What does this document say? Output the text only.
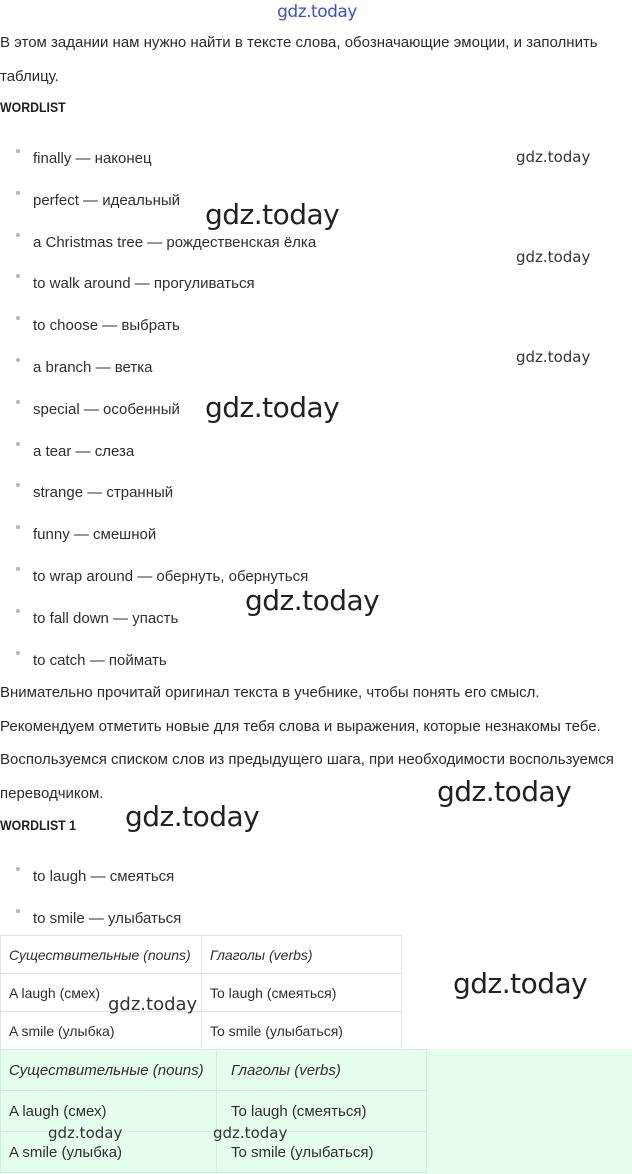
gdz.today
В этом задании нам нужно найти в тексте слова, обозначающие эмоции, и заполнить таблицу.
WORDLIST
finally — наконец
perfect — идеальный
a Christmas tree — рождественская ёлка
to walk around — прогуливаться
to choose — выбрать
a branch — ветка
special — особенный
a tear — слеза
strange — странный
funny — смешной
to wrap around — обернуть, обернуться
to fall down — упасть
to catch — поймать
Внимательно прочитай оригинал текста в учебнике, чтобы понять его смысл. Рекомендуем отметить новые для тебя слова и выражения, которые незнакомы тебе. Воспользуемся списком слов из предыдущего шага, при необходимости воспользуемся переводчиком.
WORDLIST 1
to laugh — смеяться
to smile — улыбаться
Существительные (nouns)	Глаголы (verbs)
A laugh (смех)	To laugh (смеяться)
A smile (улыбка)	To smile (улыбаться)
Существительные (nouns)	Глаголы (verbs)	
A laugh (смех)	To laugh (смеяться)	
A smile (улыбка)	To smile (улыбаться)	
gdz.today
gdz.today
gdz.today
gdz.today
gdz.today
gdz.today
gdz.today
gdz.today
gdz.today
gdz.today
gdz.today	gdz.today
